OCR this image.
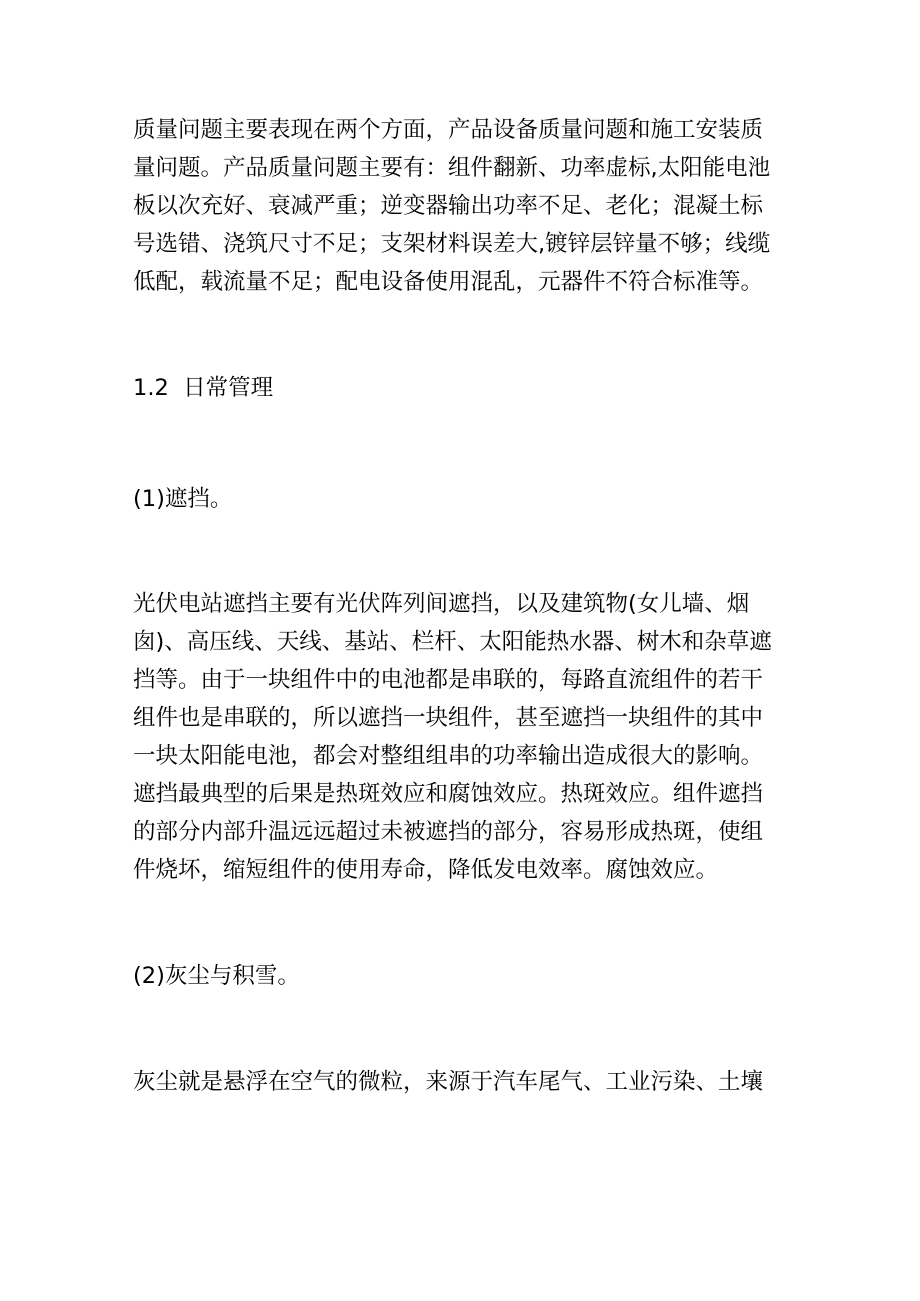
质量问题主要表现在两个方面，产品设备质量问题和施工安装质

量问题。产品质量问题主要有：组件翻新、功率虚标,太阳能电池

板以次充好、衰减严重；逆变器输出功率不足、老化；混凝土标

号选错、浇筑尺寸不足；支架材料误差大,镀锌层锌量不够；线缆

低配，载流量不足；配电设备使用混乱，元器件不符合标准等。

1.2  日常管理

(1)遮挡。

光伏电站遮挡主要有光伏阵列间遮挡，以及建筑物(女儿墙、烟

囱)、高压线、天线、基站、栏杆、太阳能热水器、树木和杂草遮

挡等。由于一块组件中的电池都是串联的，每路直流组件的若干

组件也是串联的，所以遮挡一块组件，甚至遮挡一块组件的其中

一块太阳能电池，都会对整组组串的功率输出造成很大的影响。

遮挡最典型的后果是热斑效应和腐蚀效应。热斑效应。组件遮挡

的部分内部升温远远超过未被遮挡的部分，容易形成热斑，使组

件烧坏，缩短组件的使用寿命，降低发电效率。腐蚀效应。

(2)灰尘与积雪。

灰尘就是悬浮在空气的微粒，来源于汽车尾气、工业污染、土壤
